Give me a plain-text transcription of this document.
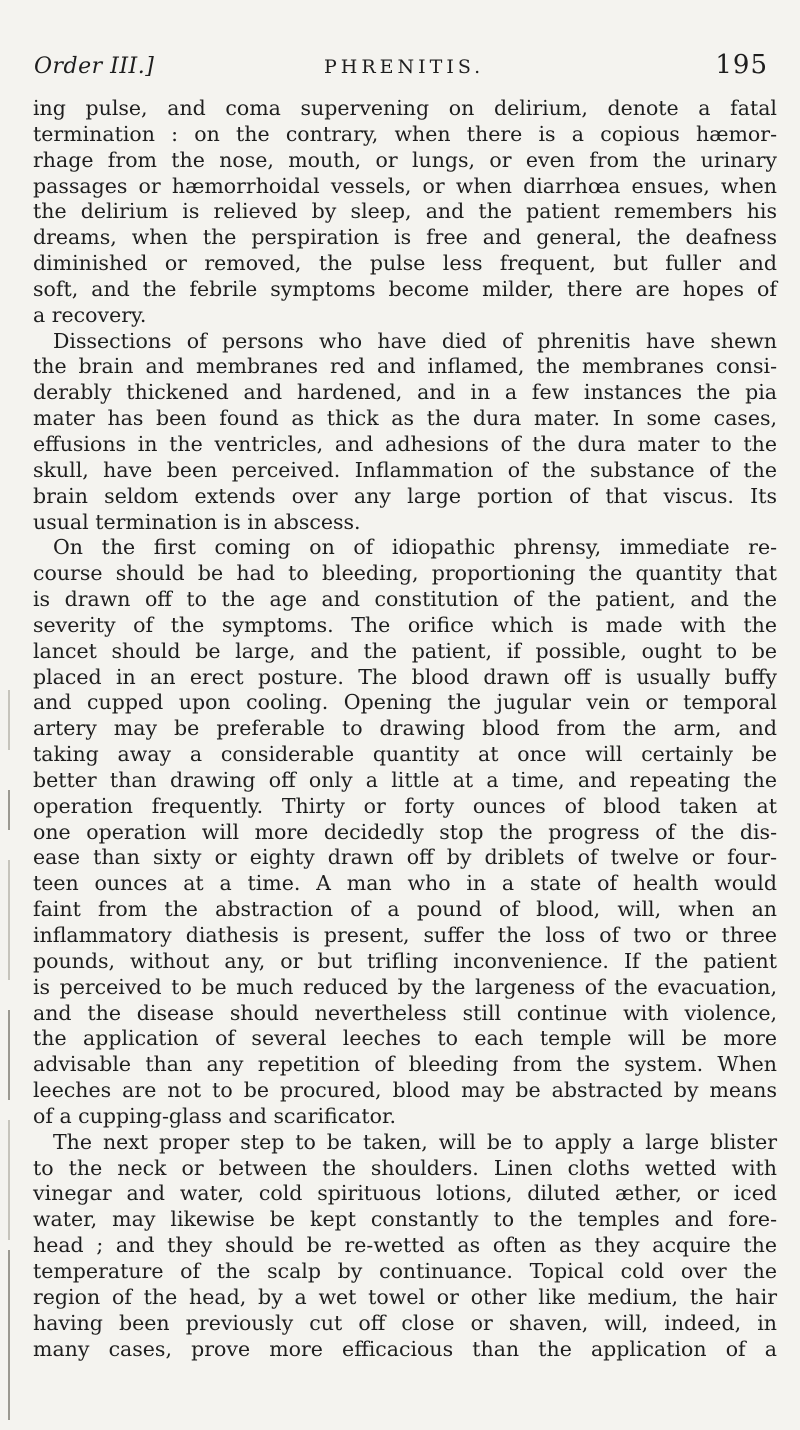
Order III.]	PHRENITIS.	195
ing pulse, and coma supervening on delirium, denote a fatal
termination : on the contrary, when there is a copious hæmor-
rhage from the nose, mouth, or lungs, or even from the urinary
passages or hæmorrhoidal vessels, or when diarrhœa ensues, when
the delirium is relieved by sleep, and the patient remembers his
dreams, when the perspiration is free and general, the deafness
diminished or removed, the pulse less frequent, but fuller and
soft, and the febrile symptoms become milder, there are hopes of
a recovery.
Dissections of persons who have died of phrenitis have shewn
the brain and membranes red and inflamed, the membranes consi-
derably thickened and hardened, and in a few instances the pia
mater has been found as thick as the dura mater. In some cases,
effusions in the ventricles, and adhesions of the dura mater to the
skull, have been perceived. Inflammation of the substance of the
brain seldom extends over any large portion of that viscus. Its
usual termination is in abscess.
On the first coming on of idiopathic phrensy, immediate re-
course should be had to bleeding, proportioning the quantity that
is drawn off to the age and constitution of the patient, and the
severity of the symptoms. The orifice which is made with the
lancet should be large, and the patient, if possible, ought to be
placed in an erect posture. The blood drawn off is usually buffy
and cupped upon cooling. Opening the jugular vein or temporal
artery may be preferable to drawing blood from the arm, and
taking away a considerable quantity at once will certainly be
better than drawing off only a little at a time, and repeating the
operation frequently. Thirty or forty ounces of blood taken at
one operation will more decidedly stop the progress of the dis-
ease than sixty or eighty drawn off by driblets of twelve or four-
teen ounces at a time. A man who in a state of health would
faint from the abstraction of a pound of blood, will, when an
inflammatory diathesis is present, suffer the loss of two or three
pounds, without any, or but trifling inconvenience. If the patient
is perceived to be much reduced by the largeness of the evacuation,
and the disease should nevertheless still continue with violence,
the application of several leeches to each temple will be more
advisable than any repetition of bleeding from the system. When
leeches are not to be procured, blood may be abstracted by means
of a cupping-glass and scarificator.
The next proper step to be taken, will be to apply a large blister
to the neck or between the shoulders. Linen cloths wetted with
vinegar and water, cold spirituous lotions, diluted æther, or iced
water, may likewise be kept constantly to the temples and fore-
head ; and they should be re-wetted as often as they acquire the
temperature of the scalp by continuance. Topical cold over the
region of the head, by a wet towel or other like medium, the hair
having been previously cut off close or shaven, will, indeed, in
many cases, prove more efficacious than the application of a
